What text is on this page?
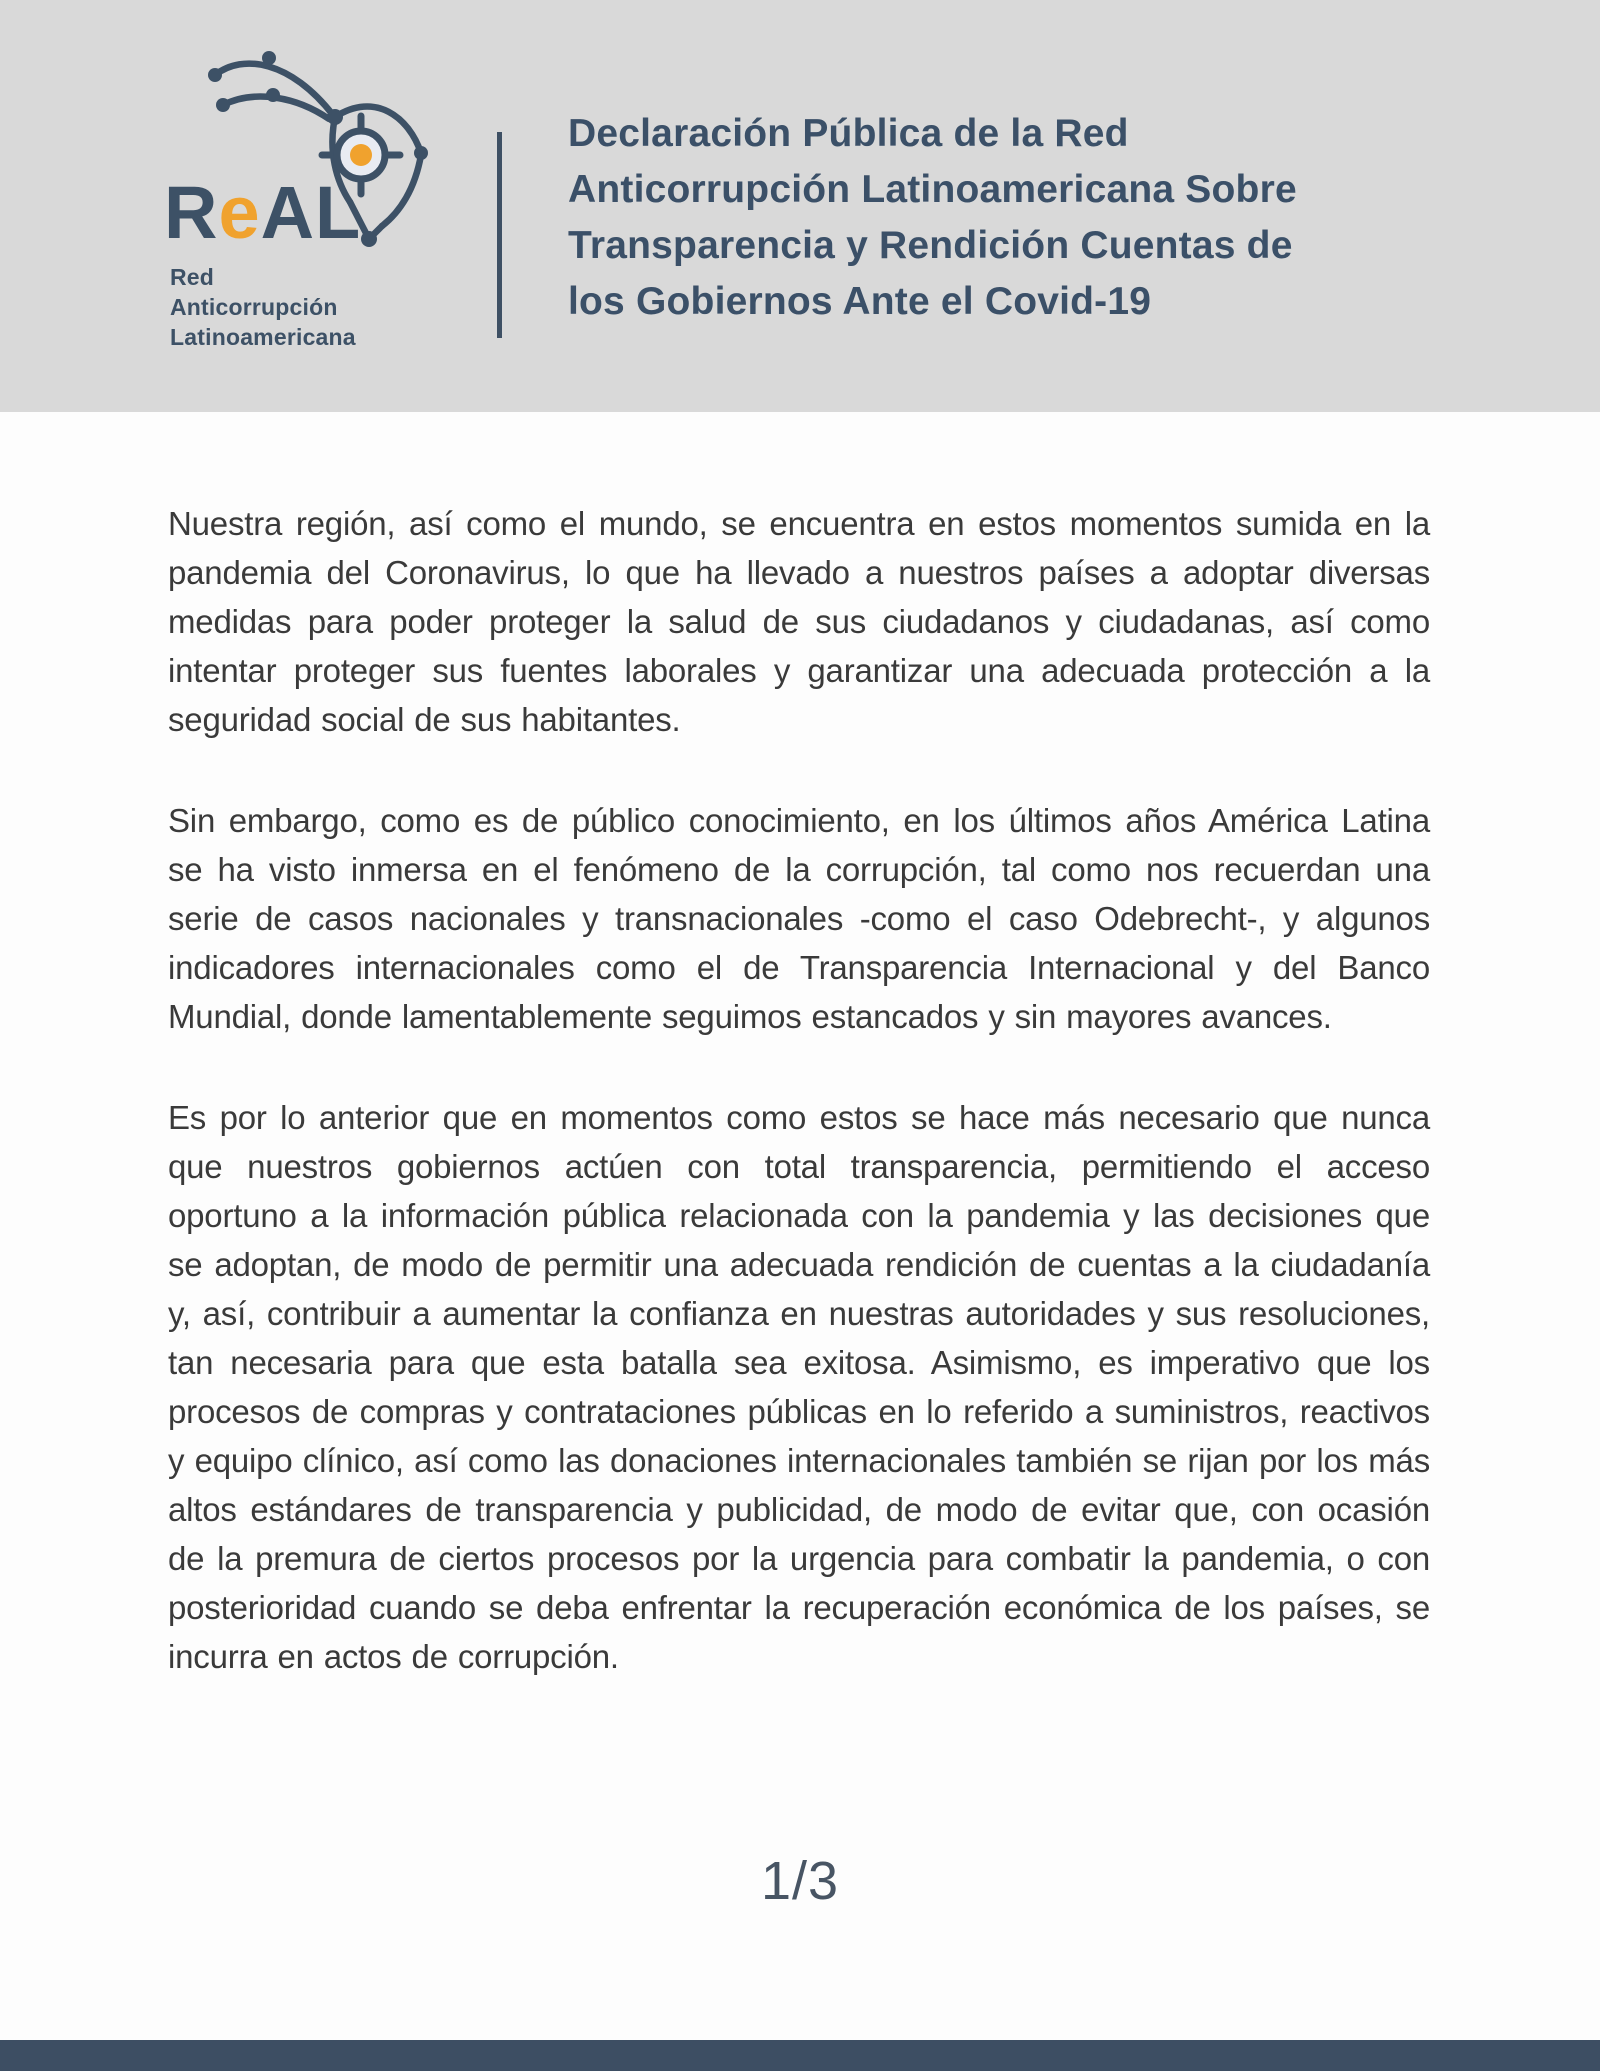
ReAL
Red
Anticorrupción
Latinoamericana
Declaración Pública de la Red
Anticorrupción Latinoamericana Sobre
Transparencia y Rendición Cuentas de
los Gobiernos Ante el Covid-19

Nuestra región, así como el mundo, se encuentra en estos momentos sumida en la pandemia del Coronavirus, lo que ha llevado a nuestros países a adoptar diversas medidas para poder proteger la salud de sus ciudadanos y ciudadanas, así como intentar proteger sus fuentes laborales y garantizar una adecuada protección a la seguridad social de sus habitantes.

Sin embargo, como es de público conocimiento, en los últimos años América Latina se ha visto inmersa en el fenómeno de la corrupción, tal como nos recuerdan una serie de casos nacionales y transnacionales -como el caso Odebrecht-, y algunos indicadores internacionales como el de Transparencia Internacional y del Banco Mundial, donde lamentablemente seguimos estancados y sin mayores avances.

Es por lo anterior que en momentos como estos se hace más necesario que nunca que nuestros gobiernos actúen con total transparencia, permitiendo el acceso oportuno a la información pública relacionada con la pandemia y las decisiones que se adoptan, de modo de permitir una adecuada rendición de cuentas a la ciudadanía y, así, contribuir a aumentar la confianza en nuestras autoridades y sus resoluciones, tan necesaria para que esta batalla sea exitosa. Asimismo, es imperativo que los procesos de compras y contrataciones públicas en lo referido a suministros, reactivos y equipo clínico, así como las donaciones internacionales también se rijan por los más altos estándares de transparencia y publicidad, de modo de evitar que, con ocasión de la premura de ciertos procesos por la urgencia para combatir la pandemia, o con posterioridad cuando se deba enfrentar la recuperación económica de los países, se incurra en actos de corrupción.

1/3
